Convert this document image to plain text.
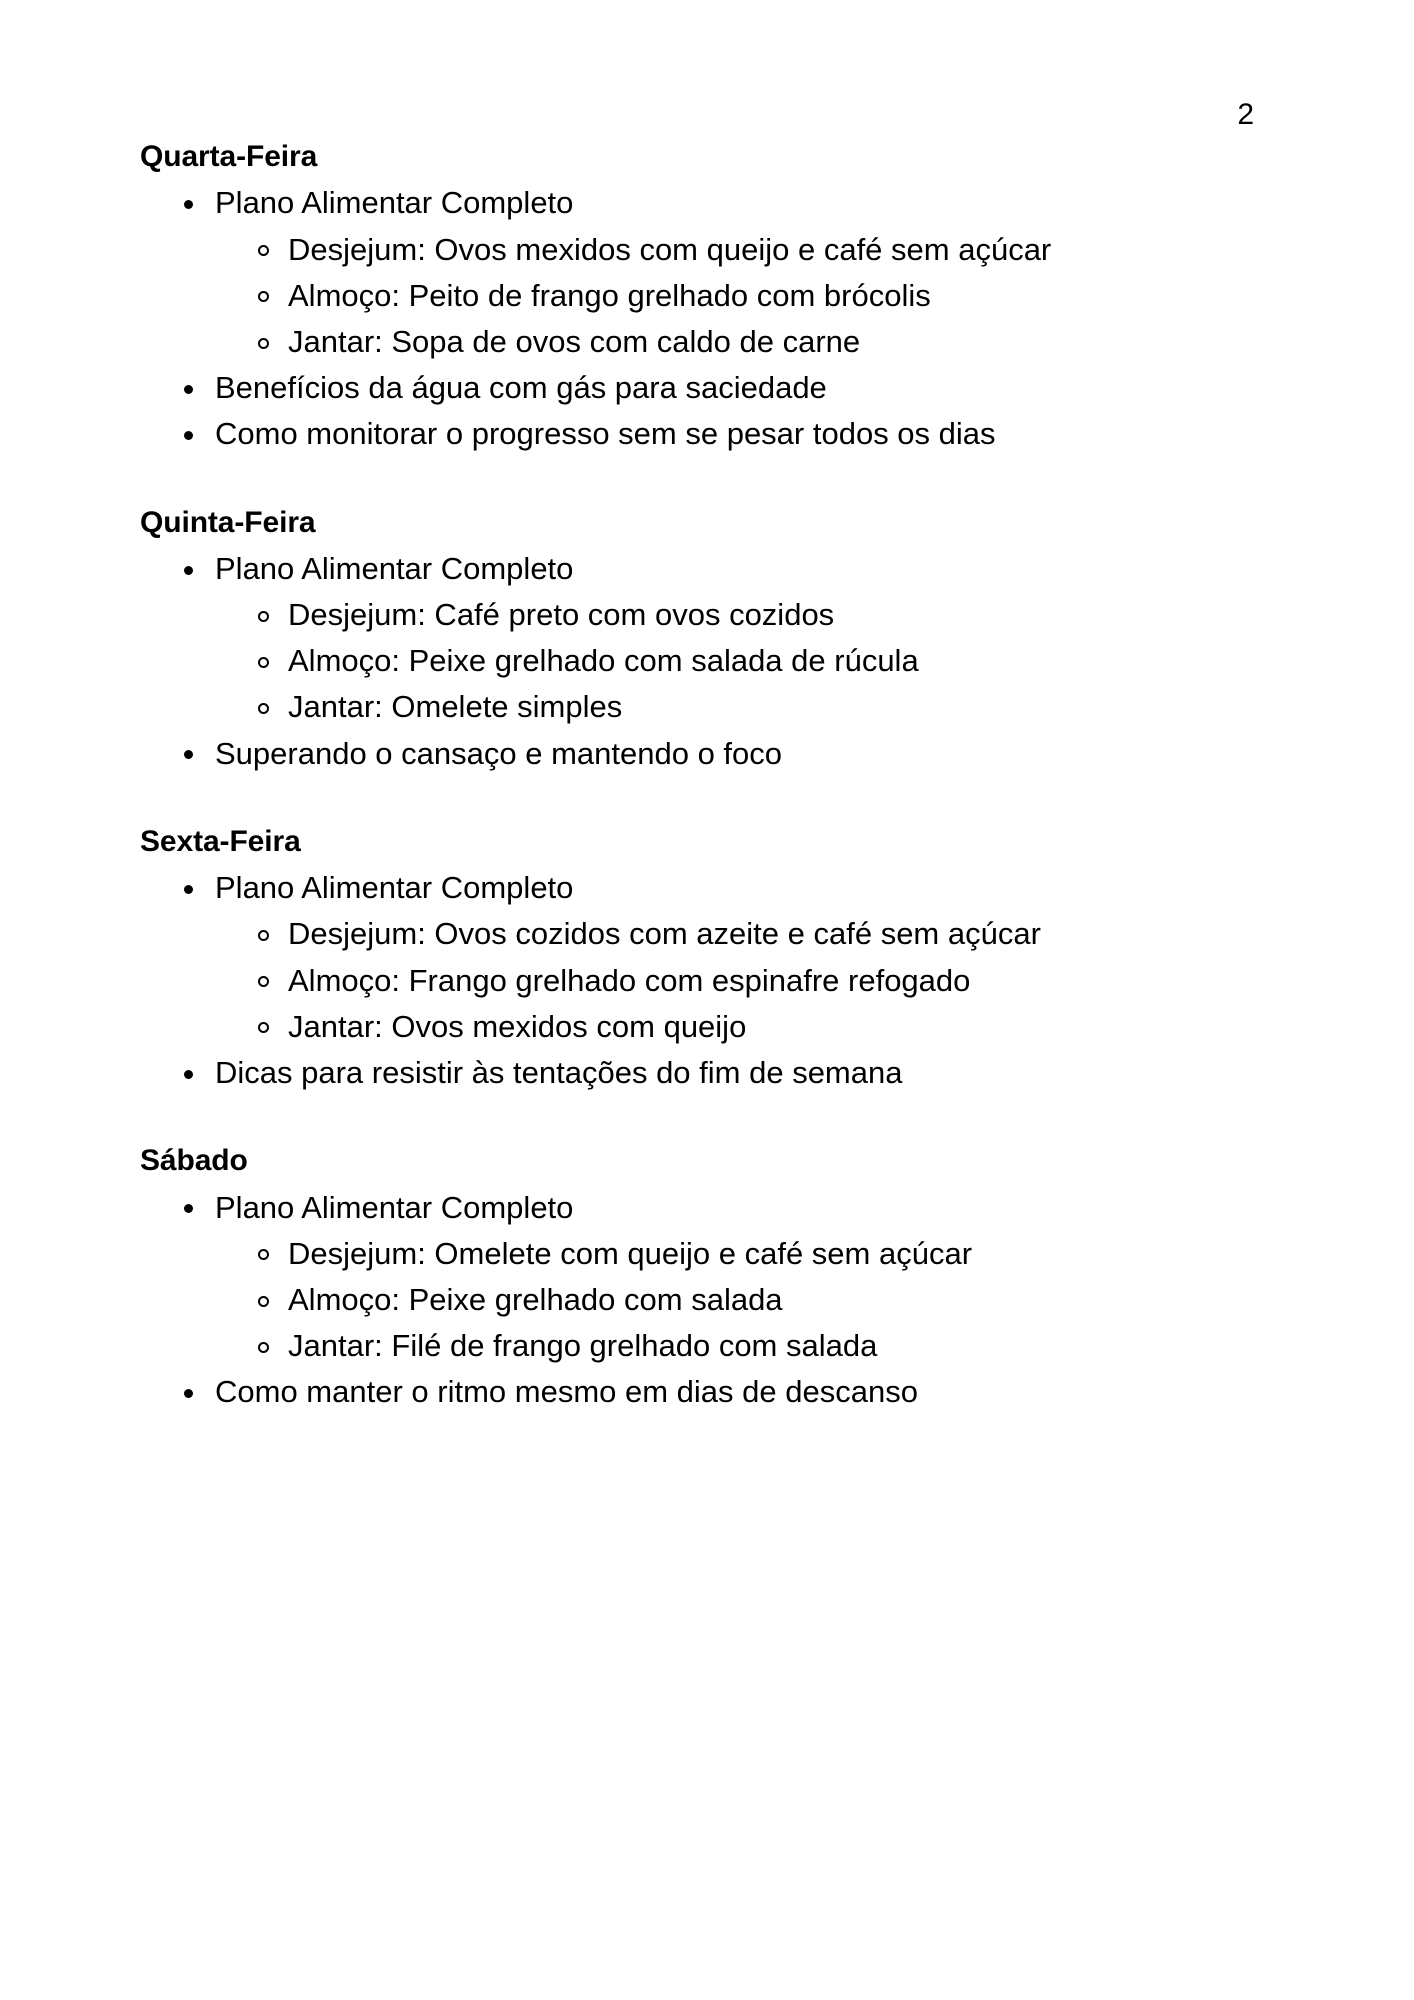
2
Quarta-Feira
Plano Alimentar Completo
Desjejum: Ovos mexidos com queijo e café sem açúcar
Almoço: Peito de frango grelhado com brócolis
Jantar: Sopa de ovos com caldo de carne
Benefícios da água com gás para saciedade
Como monitorar o progresso sem se pesar todos os dias
Quinta-Feira
Plano Alimentar Completo
Desjejum: Café preto com ovos cozidos
Almoço: Peixe grelhado com salada de rúcula
Jantar: Omelete simples
Superando o cansaço e mantendo o foco
Sexta-Feira
Plano Alimentar Completo
Desjejum: Ovos cozidos com azeite e café sem açúcar
Almoço: Frango grelhado com espinafre refogado
Jantar: Ovos mexidos com queijo
Dicas para resistir às tentações do fim de semana
Sábado
Plano Alimentar Completo
Desjejum: Omelete com queijo e café sem açúcar
Almoço: Peixe grelhado com salada
Jantar: Filé de frango grelhado com salada
Como manter o ritmo mesmo em dias de descanso
